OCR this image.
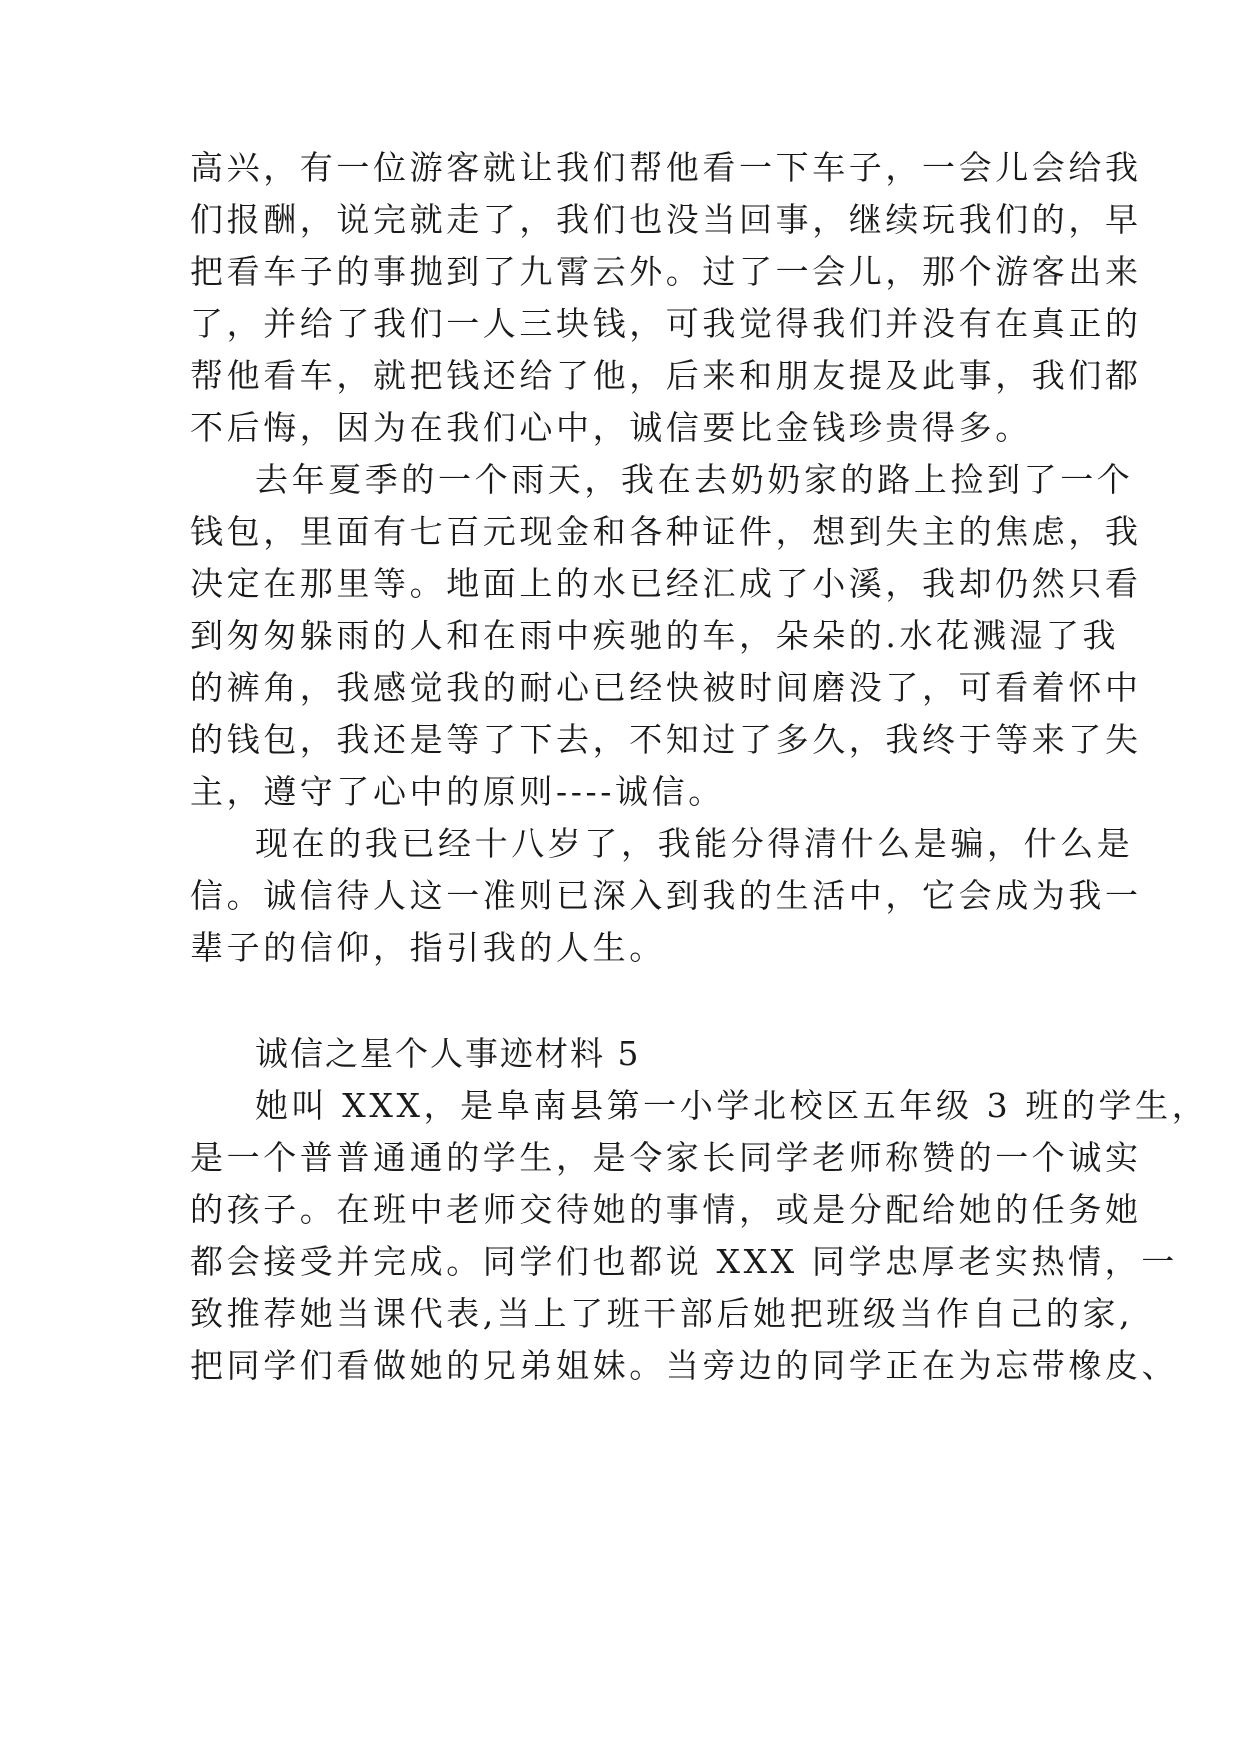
高兴，有一位游客就让我们帮他看一下车子，一会儿会给我
们报酬，说完就走了，我们也没当回事，继续玩我们的，早
把看车子的事抛到了九霄云外。过了一会儿，那个游客出来
了，并给了我们一人三块钱，可我觉得我们并没有在真正的
帮他看车，就把钱还给了他，后来和朋友提及此事，我们都
不后悔，因为在我们心中，诚信要比金钱珍贵得多。
去年夏季的一个雨天，我在去奶奶家的路上捡到了一个
钱包，里面有七百元现金和各种证件，想到失主的焦虑，我
决定在那里等。地面上的水已经汇成了小溪，我却仍然只看
到匆匆躲雨的人和在雨中疾驰的车，朵朵的.水花溅湿了我
的裤角，我感觉我的耐心已经快被时间磨没了，可看着怀中
的钱包，我还是等了下去，不知过了多久，我终于等来了失
主，遵守了心中的原则----诚信。
现在的我已经十八岁了，我能分得清什么是骗，什么是
信。诚信待人这一准则已深入到我的生活中，它会成为我一
辈子的信仰，指引我的人生。
诚信之星个人事迹材料 5
她叫 XXX，是阜南县第一小学北校区五年级 3 班的学生，
是一个普普通通的学生，是令家长同学老师称赞的一个诚实
的孩子。在班中老师交待她的事情，或是分配给她的任务她
都会接受并完成。同学们也都说 XXX 同学忠厚老实热情，一
致推荐她当课代表,当上了班干部后她把班级当作自己的家,
把同学们看做她的兄弟姐妹。当旁边的同学正在为忘带橡皮、
